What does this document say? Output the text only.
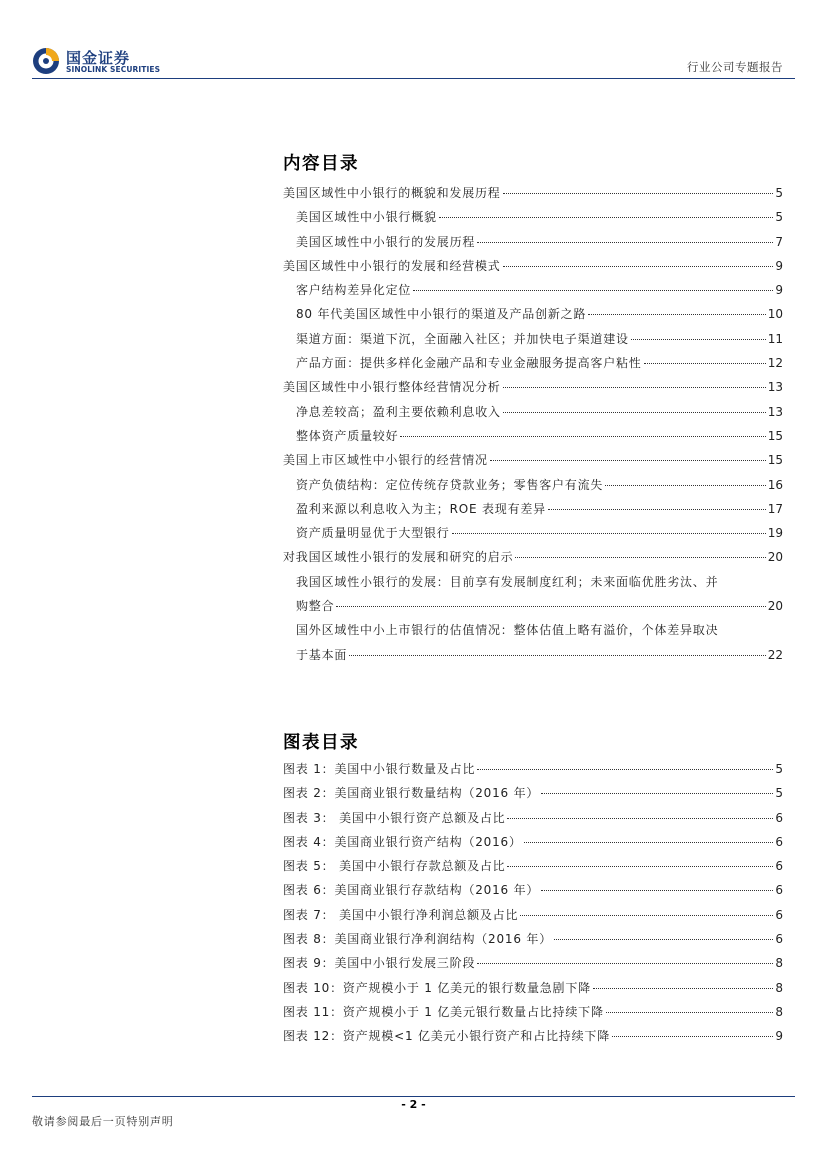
国金证券
SINOLINK SECURITIES	行业公司专题报告
内容目录
美国区域性中小银行的概貌和发展历程	5
美国区域性中小银行概貌	5
美国区域性中小银行的发展历程	7
美国区域性中小银行的发展和经营模式	9
客户结构差异化定位	9
80 年代美国区域性中小银行的渠道及产品创新之路	10
渠道方面：渠道下沉，全面融入社区；并加快电子渠道建设	11
产品方面：提供多样化金融产品和专业金融服务提高客户粘性	12
美国区域性中小银行整体经营情况分析	13
净息差较高；盈利主要依赖利息收入	13
整体资产质量较好	15
美国上市区域性中小银行的经营情况	15
资产负债结构：定位传统存贷款业务；零售客户有流失	16
盈利来源以利息收入为主；ROE 表现有差异	17
资产质量明显优于大型银行	19
对我国区域性小银行的发展和研究的启示	20
我国区域性小银行的发展：目前享有发展制度红利；未来面临优胜劣汰、并
购整合	20
国外区域性中小上市银行的估值情况：整体估值上略有溢价，个体差异取决
于基本面	22
图表目录
图表 1：美国中小银行数量及占比	5
图表 2：美国商业银行数量结构（2016 年）	5
图表 3： 美国中小银行资产总额及占比	6
图表 4：美国商业银行资产结构（2016）	6
图表 5： 美国中小银行存款总额及占比	6
图表 6：美国商业银行存款结构（2016 年）	6
图表 7： 美国中小银行净利润总额及占比	6
图表 8：美国商业银行净利润结构（2016 年）	6
图表 9：美国中小银行发展三阶段	8
图表 10：资产规模小于 1 亿美元的银行数量急剧下降	8
图表 11：资产规模小于 1 亿美元银行数量占比持续下降	8
图表 12：资产规模<1 亿美元小银行资产和占比持续下降	9
- 2 -
敬请参阅最后一页特别声明
